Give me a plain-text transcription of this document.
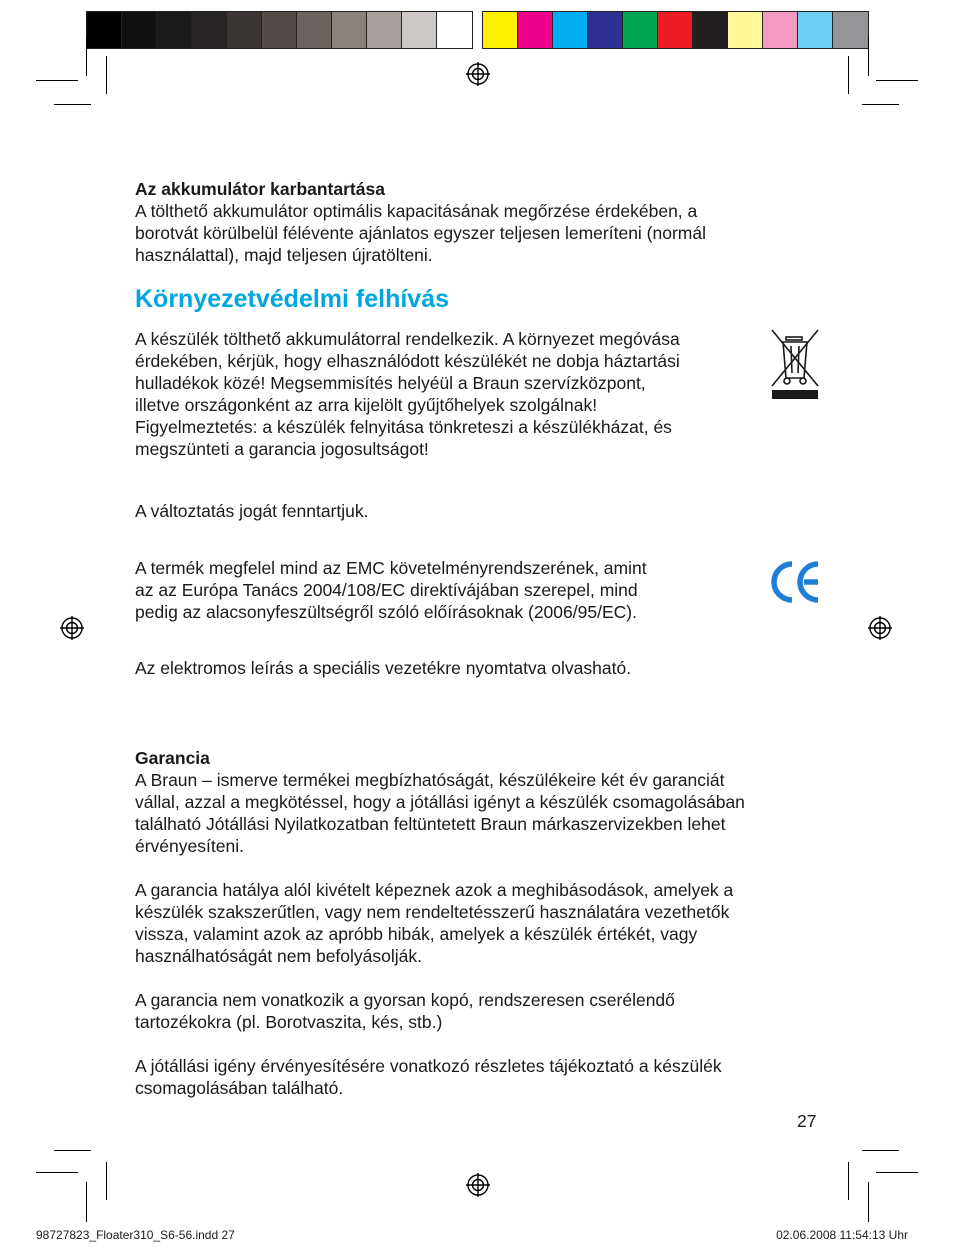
Az akkumulátor karbantartása

A tölthető akkumulátor optimális kapacitásának megőrzése érdekében, a

borotvát körülbelül félévente ajánlatos egyszer teljesen lemeríteni (normál

használattal), majd teljesen újratölteni.

Környezetvédelmi felhívás

A készülék tölthető akkumulátorral rendelkezik. A környezet megóvása

érdekében, kérjük, hogy elhasználódott készülékét ne dobja háztartási

hulladékok közé! Megsemmisítés helyéül a Braun szervízközpont,

illetve országonként az arra kijelölt gyűjtőhelyek szolgálnak!

Figyelmeztetés: a készülék felnyitása tönkreteszi a készülékházat, és

megszünteti a garancia jogosultságot!

A változtatás jogát fenntartjuk.

A termék megfelel mind az EMC követelményrendszerének, amint

az az Európa Tanács 2004/108/EC direktívájában szerepel, mind

pedig az alacsonyfeszültségről szóló előírásoknak (2006/95/EC).

Az elektromos leírás a speciális vezetékre nyomtatva olvasható.

Garancia

A Braun – ismerve termékei megbízhatóságát, készülékeire két év garanciát

vállal, azzal a megkötéssel, hogy a jótállási igényt a készülék csomagolásában

található Jótállási Nyilatkozatban feltüntetett Braun márkaszervizekben lehet

érvényesíteni.

A garancia hatálya alól kivételt képeznek azok a meghibásodások, amelyek a

készülék szakszerűtlen, vagy nem rendeltetésszerű használatára vezethetők

vissza, valamint azok az apróbb hibák, amelyek a készülék értékét, vagy

használhatóságát nem befolyásolják.

A garancia nem vonatkozik a gyorsan kopó, rendszeresen cserélendő

tartozékokra (pl. Borotvaszita, kés, stb.)

A jótállási igény érvényesítésére vonatkozó részletes tájékoztató a készülék

csomagolásában található.

27
98727823_Floater310_S6-56.indd 27	02.06.2008 11:54:13 Uhr
